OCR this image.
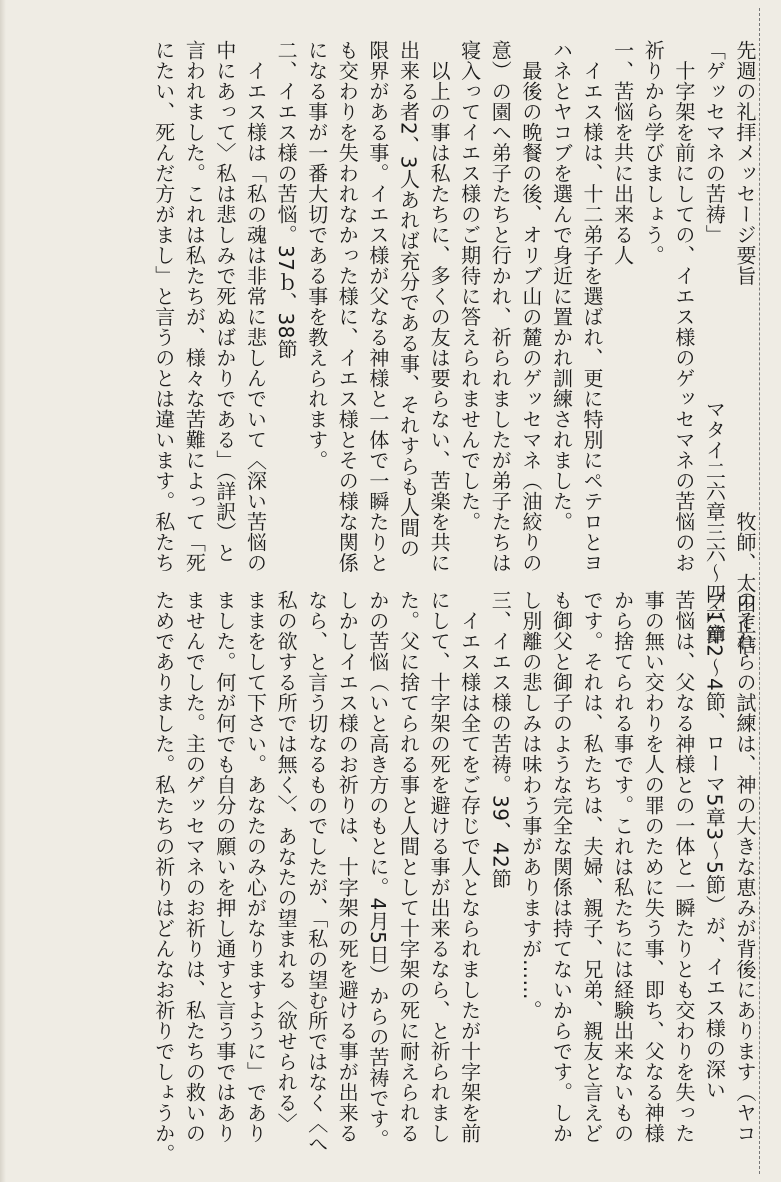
先週の礼拝メッセージ要旨　　　　　　　　　　　牧師、太田正信

「ゲッセマネの苦祷」　　　　　　　　マタイ二六章三六～四六節

　十字架を前にしての、イエス様のゲッセマネの苦悩のお

祈りから学びましょう。

一、苦悩を共に出来る人

　イエス様は、十二弟子を選ばれ、更に特別にペテロとヨ

ハネとヤコブを選んで身近に置かれ訓練されました。

　最後の晩餐の後、オリブ山の麓のゲッセマネ（油絞りの

意）の園へ弟子たちと行かれ、祈られましたが弟子たちは

寝入ってイエス様のご期待に答えられませんでした。

　以上の事は私たちに、多くの友は要らない、苦楽を共に

出来る者2、3人あれば充分である事、それすらも人間の

限界がある事。イエス様が父なる神様と一体で一瞬たりと

も交わりを失われなかった様に、イエス様とその様な関係

になる事が一番大切である事を教えられます。

二、イエス様の苦悩。37ｂ、38節

　イエス様は「私の魂は非常に悲しんでいて〈深い苦悩の

中にあって〉私は悲しみで死ぬばかりである」（詳訳）と

言われました。これは私たちが、様々な苦難によって「死

にたい、死んだ方がまし」と言うのとは違います。私たち

のそれらの試練は、神の大きな恵みが背後にあります（ヤコ

ブ1章2～4節、ローマ5章3～5節）が、イエス様の深い

苦悩は、父なる神様との一体と一瞬たりとも交わりを失った

事の無い交わりを人の罪のために失う事、即ち、父なる神様

から捨てられる事です。これは私たちには経験出来ないもの

です。それは、私たちは、夫婦、親子、兄弟、親友と言えど

も御父と御子のような完全な関係は持てないからです。しか

し別離の悲しみは味わう事がありますが……。

三、イエス様の苦祷。39、42節

　イエス様は全てをご存じで人となられましたが十字架を前

にして、十字架の死を避ける事が出来るなら、と祈られまし

た。父に捨てられる事と人間として十字架の死に耐えられる

かの苦悩（いと高き方のもとに。4月5日）からの苦祷です。

しかしイエス様のお祈りは、十字架の死を避ける事が出来る

なら、と言う切なるものでしたが、「私の望む所ではなく〈へ

私の欲する所では無く〉、あなたの望まれる〈欲せられる〉

ままをして下さい。あなたのみ心がなりますように」であり

ました。何が何でも自分の願いを押し通すと言う事ではあり

ませんでした。主のゲッセマネのお祈りは、私たちの救いの

ためでありました。私たちの祈りはどんなお祈りでしょうか。
